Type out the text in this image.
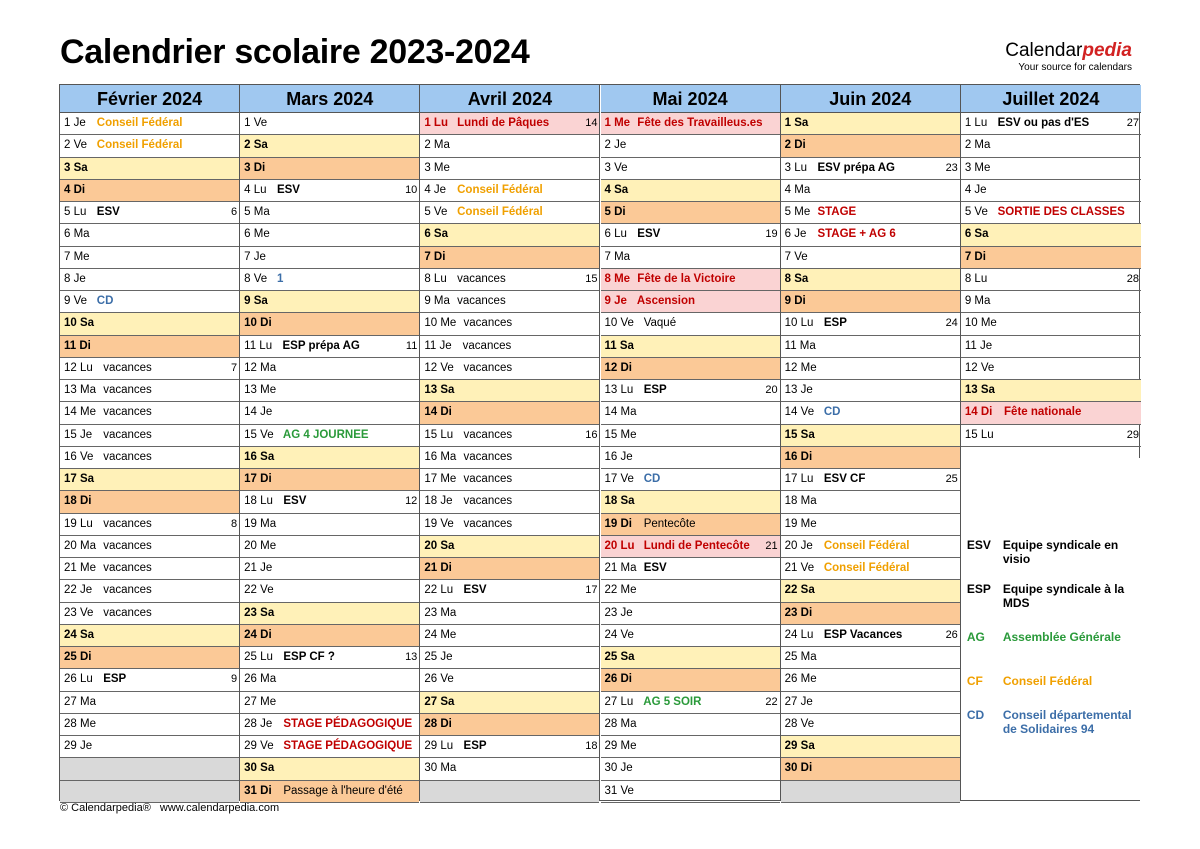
Calendrier scolaire 2023-2024	Calendarpedia
Your source for calendars
Février 2024
1 Je Conseil Fédéral
2 Ve Conseil Fédéral
3 Sa
4 Di
5 Lu ESV	6
6 Ma
7 Me
8 Je
9 Ve CD
10 Sa
11 Di
12 Lu vacances	7
13 Ma vacances
14 Me vacances
15 Je vacances
16 Ve vacances
17 Sa
18 Di
19 Lu vacances	8
20 Ma vacances
21 Me vacances
22 Je vacances
23 Ve vacances
24 Sa
25 Di
26 Lu ESP	9
27 Ma
28 Me
29 Je
Mars 2024
1 Ve
2 Sa
3 Di
4 Lu ESV	10
5 Ma
6 Me
7 Je
8 Ve 1
9 Sa
10 Di
11 Lu ESP prépa AG	11
12 Ma
13 Me
14 Je
15 Ve AG 4 JOURNEE
16 Sa
17 Di
18 Lu ESV	12
19 Ma
20 Me
21 Je
22 Ve
23 Sa
24 Di
25 Lu ESP CF ?	13
26 Ma
27 Me
28 Je STAGE PÉDAGOGIQUE
29 Ve STAGE PÉDAGOGIQUE
30 Sa
31 Di Passage à l'heure d'été
Avril 2024
1 Lu Lundi de Pâques	14
2 Ma
3 Me
4 Je Conseil Fédéral
5 Ve Conseil Fédéral
6 Sa
7 Di
8 Lu vacances	15
9 Ma vacances
10 Me vacances
11 Je vacances
12 Ve vacances
13 Sa
14 Di
15 Lu vacances	16
16 Ma vacances
17 Me vacances
18 Je vacances
19 Ve vacances
20 Sa
21 Di
22 Lu ESV	17
23 Ma
24 Me
25 Je
26 Ve
27 Sa
28 Di
29 Lu ESP	18
30 Ma
Mai 2024
1 Me Fête des Travailleus.es
2 Je
3 Ve
4 Sa
5 Di
6 Lu ESV	19
7 Ma
8 Me Fête de la Victoire
9 Je Ascension
10 Ve Vaqué
11 Sa
12 Di
13 Lu ESP	20
14 Ma
15 Me
16 Je
17 Ve CD
18 Sa
19 Di Pentecôte
20 Lu Lundi de Pentecôte 21
21 Ma ESV
22 Me
23 Je
24 Ve
25 Sa
26 Di
27 Lu AG 5 SOIR	22
28 Ma
29 Me
30 Je
31 Ve
Juin 2024
1 Sa
2 Di
3 Lu ESV prépa AG	23
4 Ma
5 Me STAGE
6 Je STAGE + AG 6
7 Ve
8 Sa
9 Di
10 Lu ESP	24
11 Ma
12 Me
13 Je
14 Ve CD
15 Sa
16 Di
17 Lu ESV CF	25
18 Ma
19 Me
20 Je Conseil Fédéral
21 Ve Conseil Fédéral
22 Sa
23 Di
24 Lu ESP Vacances	26
25 Ma
26 Me
27 Je
28 Ve
29 Sa
30 Di
Juillet 2024
1 Lu ESV ou pas d'ES	27
2 Ma
3 Me
4 Je
5 Ve SORTIE DES CLASSES
6 Sa
7 Di
8 Lu	28
9 Ma
10 Me
11 Je
12 Ve
13 Sa
14 Di Fête nationale
15 Lu	29
ESV Equipe syndicale en visio
ESP Equipe syndicale à la MDS
AG	Assemblée Générale
CF	Conseil Fédéral
CD	Conseil départemental de Solidaires 94
© Calendarpedia® www.calendarpedia.com
